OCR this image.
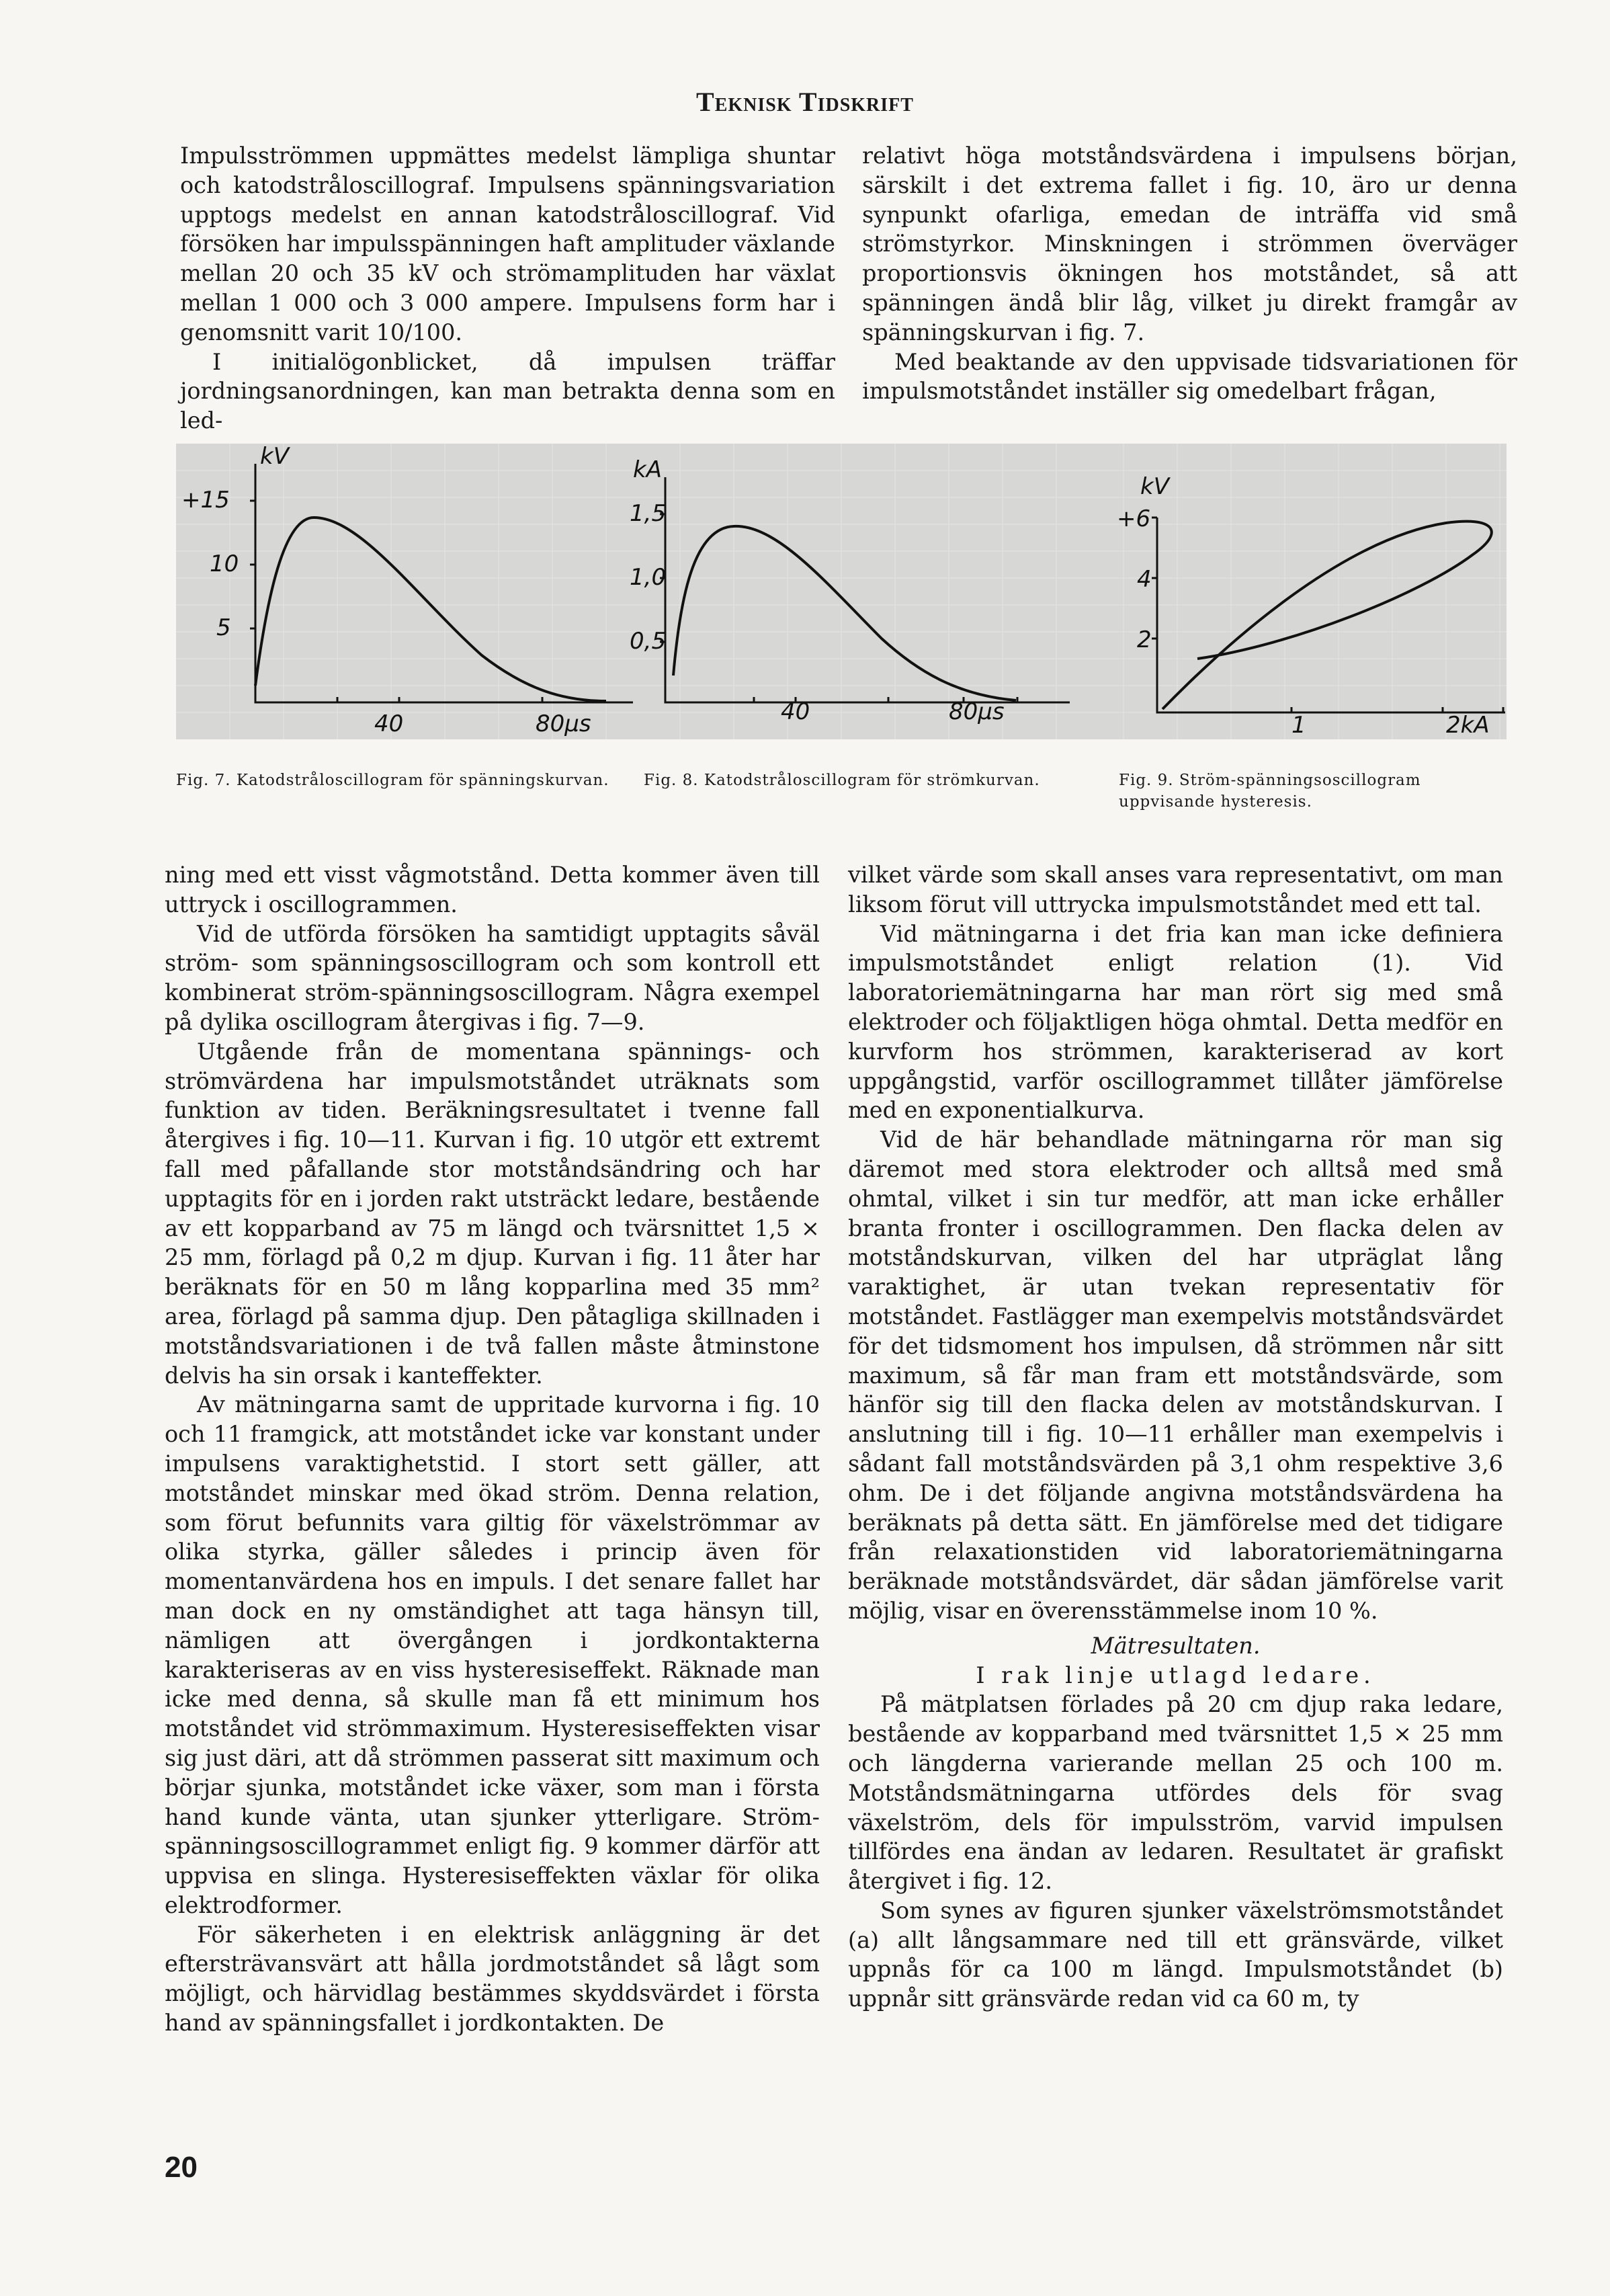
Teknisk Tidskrift

Impulsströmmen uppmättes medelst lämpliga shuntar och katodstråloscillograf. Impulsens spänningsvariation upptogs medelst en annan katodstråloscillograf. Vid försöken har impulsspänningen haft amplituder växlande mellan 20 och 35 kV och strömamplituden har växlat mellan 1 000 och 3 000 ampere. Impulsens form har i genomsnitt varit 10/100.

I initialögonblicket, då impulsen träffar jordningsanordningen, kan man betrakta denna som en led-

relativt höga motståndsvärdena i impulsens början, särskilt i det extrema fallet i fig. 10, äro ur denna synpunkt ofarliga, emedan de inträffa vid små strömstyrkor. Minskningen i strömmen överväger proportionsvis ökningen hos motståndet, så att spänningen ändå blir låg, vilket ju direkt framgår av spänningskurvan i fig. 7.

Med beaktande av den uppvisade tidsvariationen för impulsmotståndet inställer sig omedelbart frågan,

kV
+15
10
5
40	80µs
kA
1,5
1,0
0,5
40	80µs
kV
+6
4
2
1	2kA
Fig. 7. Katodstråloscillogram för spänningskurvan.	Fig. 8. Katodstråloscillogram för strömkurvan.	Fig. 9. Ström-spänningsoscillogram uppvisande hysteresis.

ning med ett visst vågmotstånd. Detta kommer även till uttryck i oscillogrammen.

Vid de utförda försöken ha samtidigt upptagits såväl ström- som spänningsoscillogram och som kontroll ett kombinerat ström-spänningsoscillogram. Några exempel på dylika oscillogram återgivas i fig. 7—9.

Utgående från de momentana spännings- och strömvärdena har impulsmotståndet uträknats som funktion av tiden. Beräkningsresultatet i tvenne fall återgives i fig. 10—11. Kurvan i fig. 10 utgör ett extremt fall med påfallande stor motståndsändring och har upptagits för en i jorden rakt utsträckt ledare, bestående av ett kopparband av 75 m längd och tvärsnittet 1,5 × 25 mm, förlagd på 0,2 m djup. Kurvan i fig. 11 åter har beräknats för en 50 m lång kopparlina med 35 mm² area, förlagd på samma djup. Den påtagliga skillnaden i motståndsvariationen i de två fallen måste åtminstone delvis ha sin orsak i kanteffekter.

Av mätningarna samt de uppritade kurvorna i fig. 10 och 11 framgick, att motståndet icke var konstant under impulsens varaktighetstid. I stort sett gäller, att motståndet minskar med ökad ström. Denna relation, som förut befunnits vara giltig för växelströmmar av olika styrka, gäller således i princip även för momentanvärdena hos en impuls. I det senare fallet har man dock en ny omständighet att taga hänsyn till, nämligen att övergången i jordkontakterna karakteriseras av en viss hysteresiseffekt. Räknade man icke med denna, så skulle man få ett minimum hos motståndet vid strömmaximum. Hysteresiseffekten visar sig just däri, att då strömmen passerat sitt maximum och börjar sjunka, motståndet icke växer, som man i första hand kunde vänta, utan sjunker ytterligare. Ström-spänningsoscillogrammet enligt fig. 9 kommer därför att uppvisa en slinga. Hysteresiseffekten växlar för olika elektrodformer.

För säkerheten i en elektrisk anläggning är det eftersträvansvärt att hålla jordmotståndet så lågt som möjligt, och härvidlag bestämmes skyddsvärdet i första hand av spänningsfallet i jordkontakten. De

vilket värde som skall anses vara representativt, om man liksom förut vill uttrycka impulsmotståndet med ett tal.

Vid mätningarna i det fria kan man icke definiera impulsmotståndet enligt relation (1). Vid laboratoriemätningarna har man rört sig med små elektroder och följaktligen höga ohmtal. Detta medför en kurvform hos strömmen, karakteriserad av kort uppgångstid, varför oscillogrammet tillåter jämförelse med en exponentialkurva.

Vid de här behandlade mätningarna rör man sig däremot med stora elektroder och alltså med små ohmtal, vilket i sin tur medför, att man icke erhåller branta fronter i oscillogrammen. Den flacka delen av motståndskurvan, vilken del har utpräglat lång varaktighet, är utan tvekan representativ för motståndet. Fastlägger man exempelvis motståndsvärdet för det tidsmoment hos impulsen, då strömmen når sitt maximum, så får man fram ett motståndsvärde, som hänför sig till den flacka delen av motståndskurvan. I anslutning till i fig. 10—11 erhåller man exempelvis i sådant fall motståndsvärden på 3,1 ohm respektive 3,6 ohm. De i det följande angivna motståndsvärdena ha beräknats på detta sätt. En jämförelse med det tidigare från relaxationstiden vid laboratoriemätningarna beräknade motståndsvärdet, där sådan jämförelse varit möjlig, visar en överensstämmelse inom 10 %.

Mätresultaten.

I rak linje utlagd ledare.

På mätplatsen förlades på 20 cm djup raka ledare, bestående av kopparband med tvärsnittet 1,5 × 25 mm och längderna varierande mellan 25 och 100 m. Motståndsmätningarna utfördes dels för svag växelström, dels för impulsström, varvid impulsen tillfördes ena ändan av ledaren. Resultatet är grafiskt återgivet i fig. 12.

Som synes av figuren sjunker växelströmsmotståndet (a) allt långsammare ned till ett gränsvärde, vilket uppnås för ca 100 m längd. Impulsmotståndet (b) uppnår sitt gränsvärde redan vid ca 60 m, ty

20
